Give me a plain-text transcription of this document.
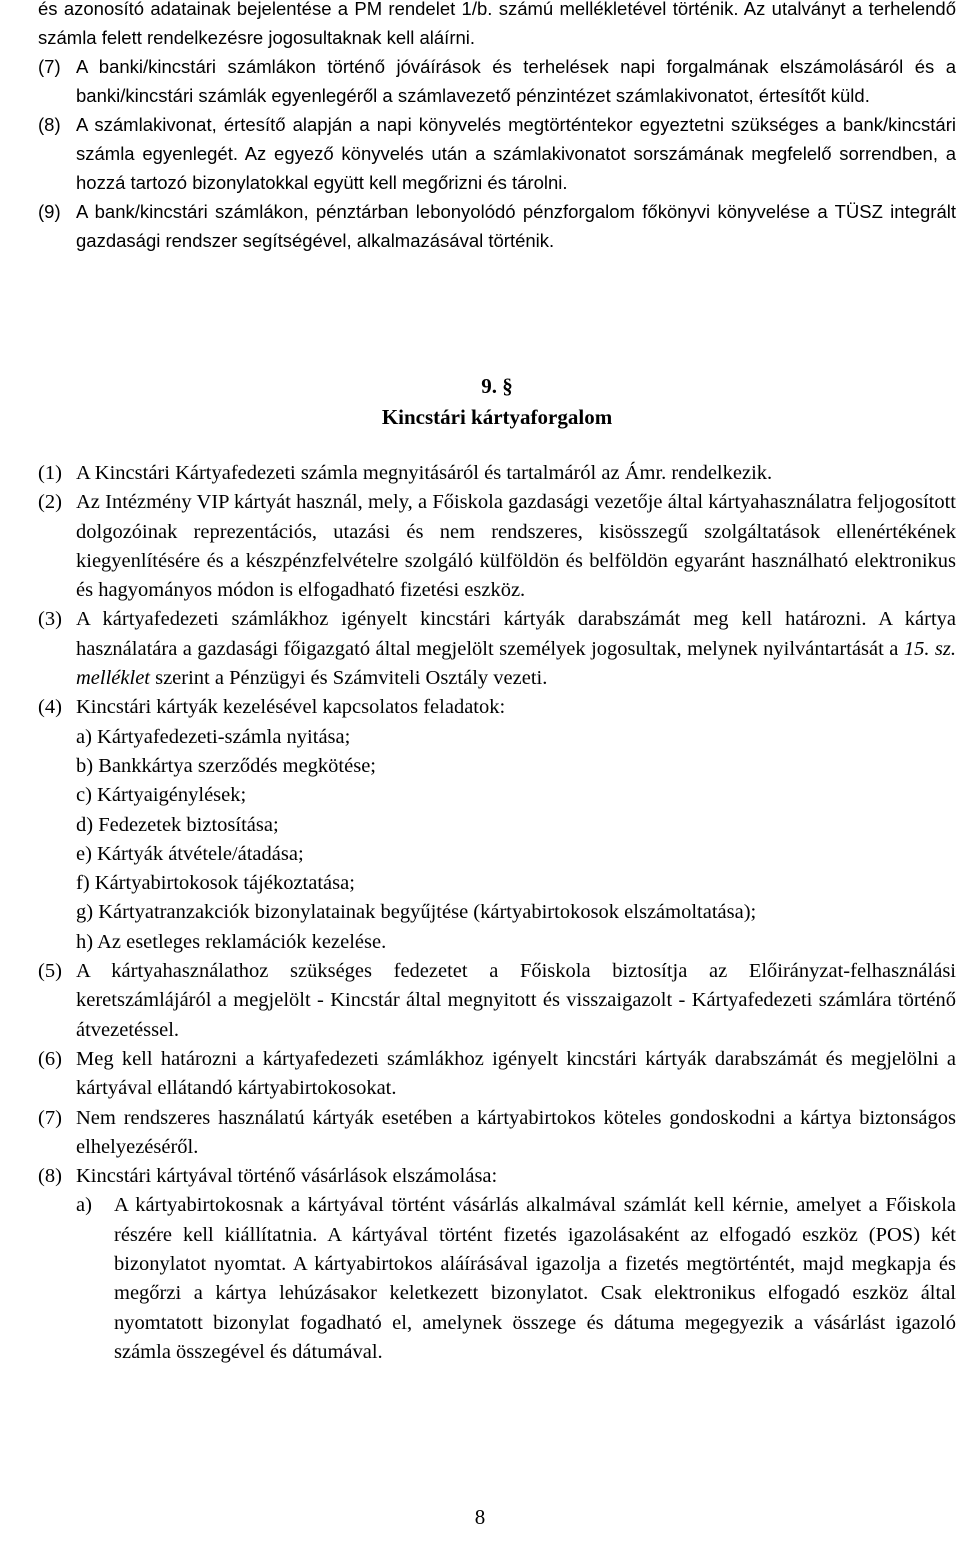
és azonosító adatainak bejelentése a PM rendelet 1/b. számú mellékletével történik. Az utalványt a terhelendő számla felett rendelkezésre jogosultaknak kell aláírni.

(7) A banki/kincstári számlákon történő jóváírások és terhelések napi forgalmának elszámolásáról és a banki/kincstári számlák egyenlegéről a számlavezető pénzintézet számlakivonatot, értesítőt küld.
(8) A számlakivonat, értesítő alapján a napi könyvelés megtörténtekor egyeztetni szükséges a bank/kincstári számla egyenlegét. Az egyező könyvelés után a számlakivonatot sorszámának megfelelő sorrendben, a hozzá tartozó bizonylatokkal együtt kell megőrizni és tárolni.
(9) A bank/kincstári számlákon, pénztárban lebonyolódó pénzforgalom főkönyvi könyvelése a TÜSZ integrált gazdasági rendszer segítségével, alkalmazásával történik.
9. §
Kincstári kártyaforgalom
(1) A Kincstári Kártyafedezeti számla megnyitásáról és tartalmáról az Ámr. rendelkezik.
(2) Az Intézmény VIP kártyát használ, mely, a Főiskola gazdasági vezetője által kártyahasználatra feljogosított dolgozóinak reprezentációs, utazási és nem rendszeres, kisösszegű szolgáltatások ellenértékének kiegyenlítésére és a készpénzfelvételre szolgáló külföldön és belföldön egyaránt használható elektronikus és hagyományos módon is elfogadható fizetési eszköz.
(3) A kártyafedezeti számlákhoz igényelt kincstári kártyák darabszámát meg kell határozni. A kártya használatára a gazdasági főigazgató által megjelölt személyek jogosultak, melynek nyilvántartását a 15. sz. melléklet szerint a Pénzügyi és Számviteli Osztály vezeti.
(4) Kincstári kártyák kezelésével kapcsolatos feladatok:
a) Kártyafedezeti-számla nyitása;
b) Bankkártya szerződés megkötése;
c) Kártyaigénylések;
d) Fedezetek biztosítása;
e) Kártyák átvétele/átadása;
f) Kártyabirtokosok tájékoztatása;
g) Kártyatranzakciók bizonylatainak begyűjtése (kártyabirtokosok elszámoltatása);
h) Az esetleges reklamációk kezelése.
(5) A kártyahasználathoz szükséges fedezetet a Főiskola biztosítja az Előirányzat-felhasználási keretszámlájáról a megjelölt - Kincstár által megnyitott és visszaigazolt - Kártyafedezeti számlára történő átvezetéssel.
(6) Meg kell határozni a kártyafedezeti számlákhoz igényelt kincstári kártyák darabszámát és megjelölni a kártyával ellátandó kártyabirtokosokat.
(7) Nem rendszeres használatú kártyák esetében a kártyabirtokos köteles gondoskodni a kártya biztonságos elhelyezéséről.
(8) Kincstári kártyával történő vásárlások elszámolása:
a) A kártyabirtokosnak a kártyával történt vásárlás alkalmával számlát kell kérnie, amelyet a Főiskola részére kell kiállítatnia. A kártyával történt fizetés igazolásaként az elfogadó eszköz (POS) két bizonylatot nyomtat. A kártyabirtokos aláírásával igazolja a fizetés megtörténtét, majd megkapja és megőrzi a kártya lehúzásakor keletkezett bizonylatot. Csak elektronikus elfogadó eszköz által nyomtatott bizonylat fogadható el, amelynek összege és dátuma megegyezik a vásárlást igazoló számla összegével és dátumával.
8
